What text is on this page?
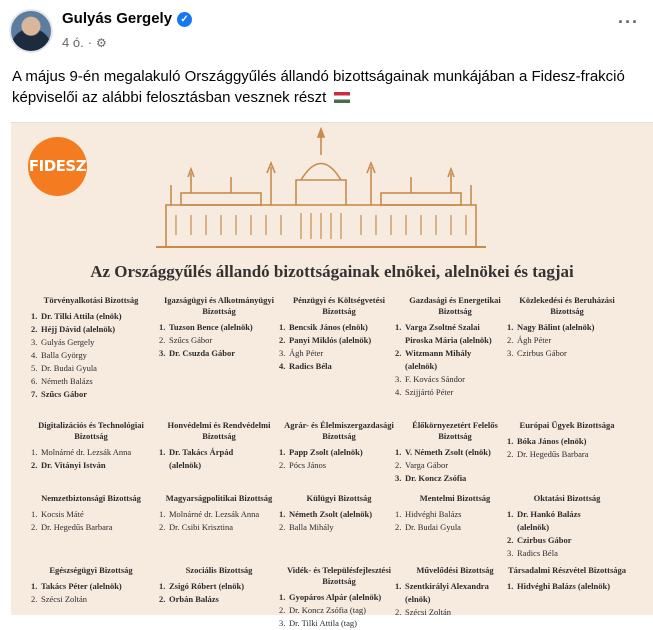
Gulyás Gergely ✓
4 ó. · ⚙
···
A május 9-én megalakuló Országgyűlés állandó bizottságainak munkájában a Fidesz-frakció képviselői az alábbi felosztásban vesznek részt
FIDESZ
Az Országgyűlés állandó bizottságainak elnökei, alelnökei és tagjai
Törvényalkotási Bizottság
1. Dr. Tilki Attila (elnök)
2. Héjj Dávid (alelnök)
3. Gulyás Gergely
4. Balla György
5. Dr. Budai Gyula
6. Németh Balázs
7. Szűcs Gábor
Igazságügyi és Alkotmányügyi Bizottság
1. Tuzson Bence (alelnök)
2. Szűcs Gábor
3. Dr. Csuzda Gábor
Pénzügyi és Költségvetési Bizottság
1. Bencsik János (elnök)
2. Panyi Miklós (alelnök)
3. Ágh Péter
4. Radics Béla
Gazdasági és Energetikai Bizottság
1. Varga Zsoltné Szalai
Piroska Mária (alelnök)
2. Witzmann Mihály
(alelnök)
3. F. Kovács Sándor
4. Szijjártó Péter
Közlekedési és Beruházási Bizottság
1. Nagy Bálint (alelnök)
2. Ágh Péter
3. Czirbus Gábor
Digitalizációs és Technológiai Bizottság
1. Molnárné dr. Lezsák Anna
2. Dr. Vitányi István
Honvédelmi és Rendvédelmi Bizottság
1. Dr. Takács Árpád
(alelnök)
Agrár- és Élelmiszergazdasági Bizottság
1. Papp Zsolt (alelnök)
2. Pócs János
Élőkörnyezetért Felelős Bizottság
1. V. Németh Zsolt (elnök)
2. Varga Gábor
3. Dr. Koncz Zsófia
Európai Ügyek Bizottsága
1. Bóka János (elnök)
2. Dr. Hegedűs Barbara
Nemzetbiztonsági Bizottság
1. Kocsis Máté
2. Dr. Hegedűs Barbara
Magyarságpolitikai Bizottság
1. Molnárné dr. Lezsák Anna
2. Dr. Csibi Krisztina
Külügyi Bizottság
1. Németh Zsolt (alelnök)
2. Balla Mihály
Mentelmi Bizottság
1. Hidvéghi Balázs
2. Dr. Budai Gyula
Oktatási Bizottság
1. Dr. Hankó Balázs
(alelnök)
2. Czirbus Gábor
3. Radics Béla
Egészségügyi Bizottság
1. Takács Péter (alelnök)
2. Szécsi Zoltán
Szociális Bizottság
1. Zsigó Róbert (elnök)
2. Orbán Balázs
Vidék- és Településfejlesztési Bizottság
1. Gyopáros Alpár (alelnök)
2. Dr. Koncz Zsófia (tag)
3. Dr. Tilki Attila (tag)
Művelődési Bizottság
1. Szentkirályi Alexandra
(elnök)
2. Szécsi Zoltán
Társadalmi Részvétel Bizottsága
1. Hidvéghi Balázs (alelnök)
